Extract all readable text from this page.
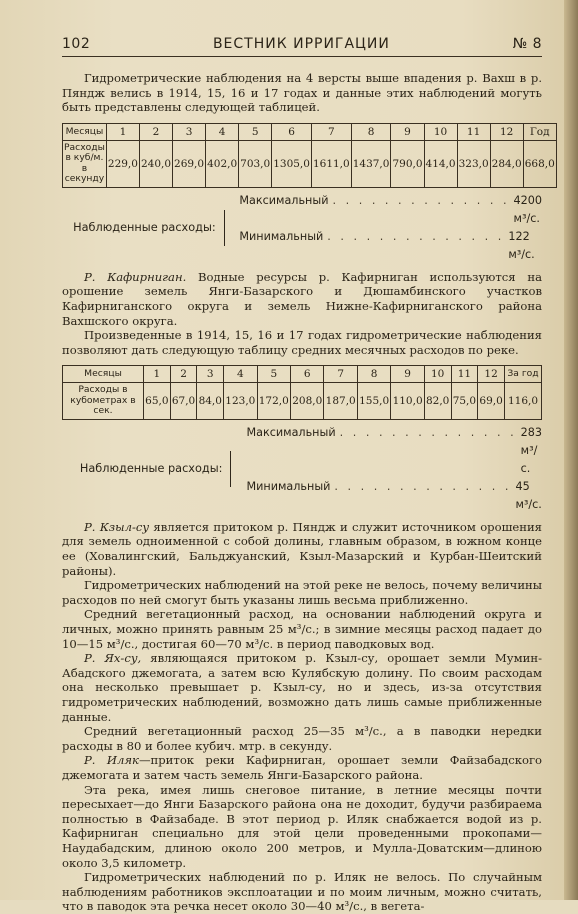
102	ВЕСТНИК ИРРИГАЦИИ	№ 8

Гидрометрические наблюдения на 4 версты выше впадения р. Вахш в р. Пяндж велись в 1914, 15, 16 и 17 годах и данные этих наблюдений могуть быть представлены следующей таблицей.

Месяцы	1	2	3	4	5	6	7	8	9	10	11	12	Год
Расходы в куб/м. в секунду	229,0	240,0	269,0	402,0	703,0	1305,0	1611,0	1437,0	790,0	414,0	323,0	284,0	668,0
Наблюденные расходы:
Максимальный . . . . . . . . . . . . . . 4200 м³/с.
Минимальный . . . . . . . . . . . . . . 122 м³/с.

Р. Кафирниган. Водные ресурсы р. Кафирниган используются на орошение земель Янги-Базарского и Дюшамбинского участков Кафирниганского округа и земель Нижне-Кафирниганского района Вахшского округа.

Произведенные в 1914, 15, 16 и 17 годах гидрометрические наблюдения позволяют дать следующую таблицу средних месячных расходов по реке.

Месяцы	1	2	3	4	5	6	7	8	9	10	11	12	За год
Расходы в кубометрах в сек.	65,0	67,0	84,0	123,0	172,0	208,0	187,0	155,0	110,0	82,0	75,0	69,0	116,0
Наблюденные расходы:
Максимальный . . . . . . . . . . . . . . 283 м³/с.
Минимальный . . . . . . . . . . . . . . 45 м³/с.

Р. Кзыл-су является притоком р. Пяндж и служит источником орошения для земель одноименной с собой долины, главным образом, в южном конце ее (Ховалингский, Бальджуанский, Кзыл-Мазарский и Курбан-Шеитский районы).

Гидрометрических наблюдений на этой реке не велось, почему величины расходов по ней смогут быть указаны лишь весьма приближенно.

Средний вегетационный расход, на основании наблюдений округа и личных, можно принять равным 25 м³/с.; в зимние месяцы расход падает до 10—15 м³/с., достигая 60—70 м³/с. в период паводковых вод.

Р. Ях-су, являющаяся притоком р. Кзыл-су, орошает земли Мумин-Абадского джемогата, а затем всю Кулябскую долину. По своим расходам она несколько превышает р. Кзыл-су, но и здесь, из-за отсутствия гидрометрических наблюдений, возможно дать лишь самые приближенные данные.

Средний вегетационный расход 25—35 м³/с., а в паводки нередки расходы в 80 и более кубич. мтр. в секунду.

Р. Иляк—приток реки Кафирниган, орошает земли Файзабадского джемогата и затем часть земель Янги-Базарского района.

Эта река, имея лишь снеговое питание, в летние месяцы почти пересыхает—до Янги Базарского района она не доходит, будучи разбираема полностью в Файзабаде. В этот период р. Иляк снабжается водой из р. Кафирниган специально для этой цели проведенными прокопами—Наудабадским, длиною около 200 метров, и Мулла-Доватским—длиною около 3,5 километр.

Гидрометрических наблюдений по р. Иляк не велось. По случайным наблюдениям работников эксплоатации и по моим личным, можно считать, что в паводок эта речка несет около 30—40 м³/с., в вегета-
